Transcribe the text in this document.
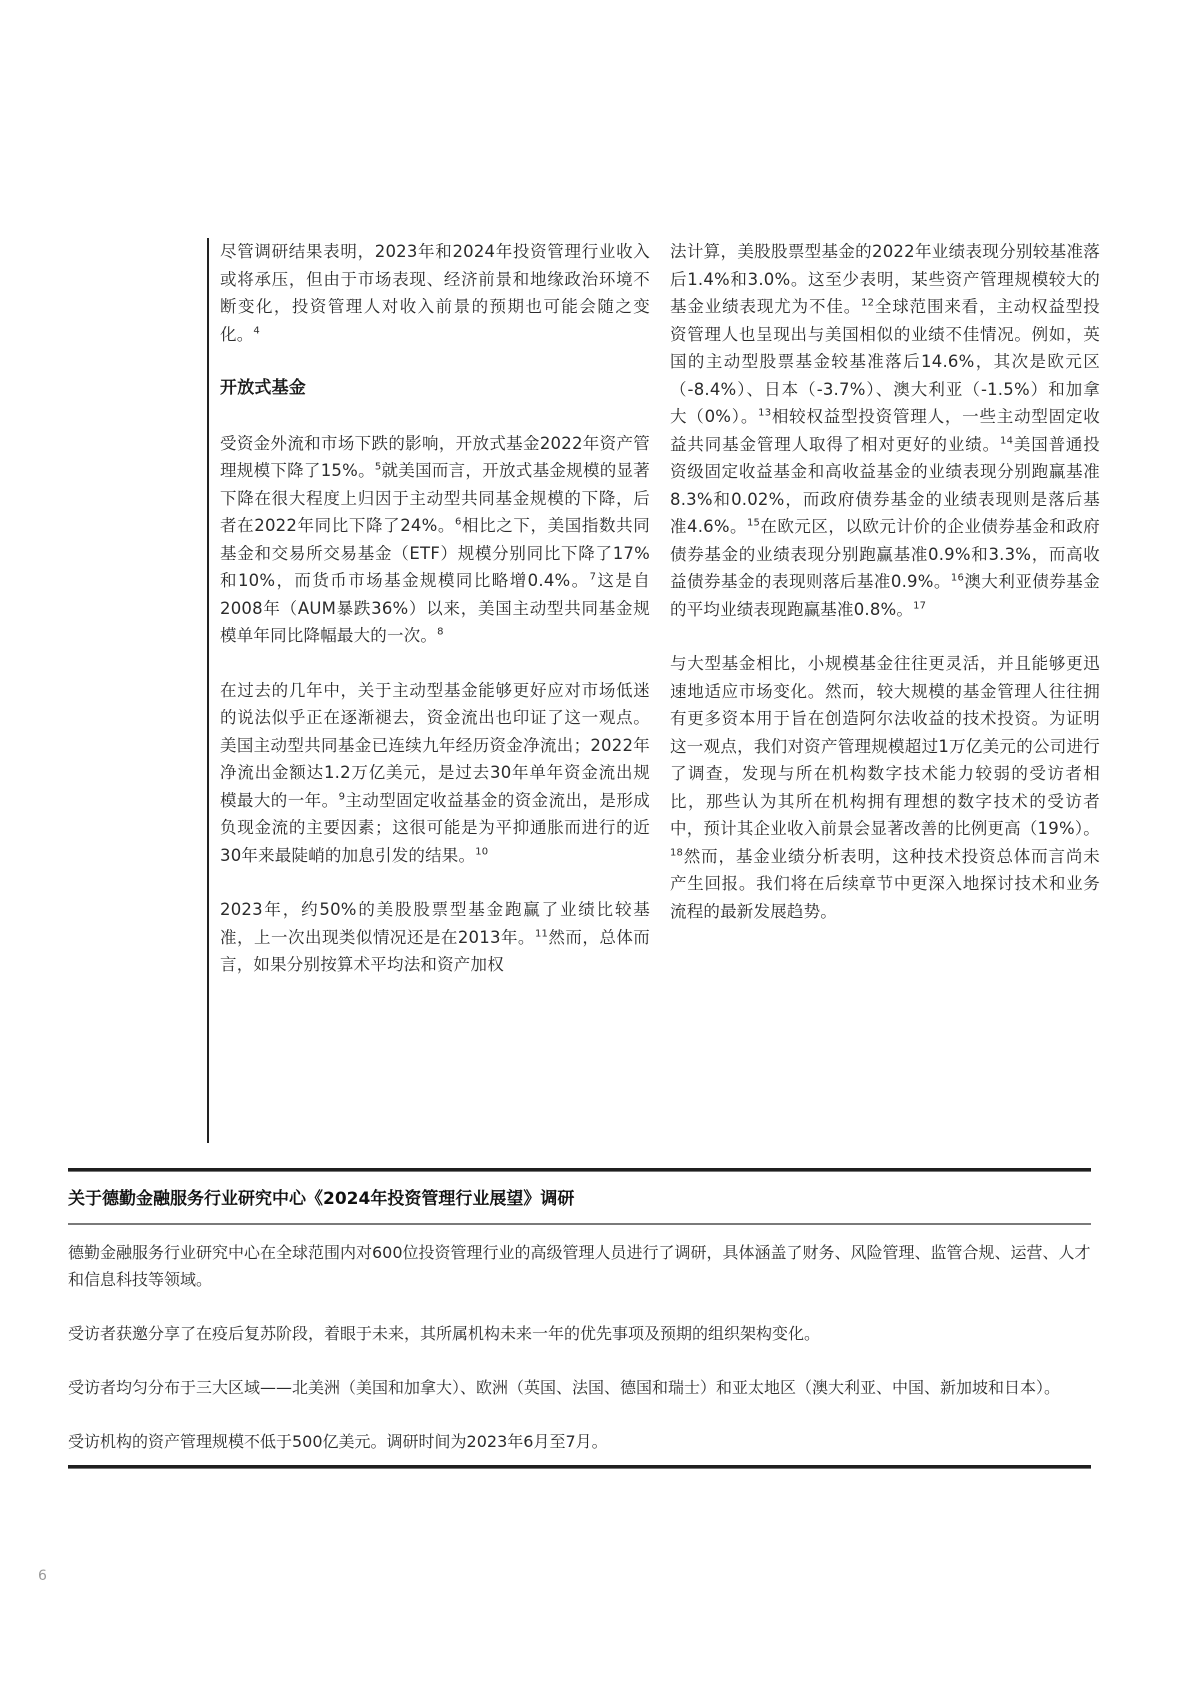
尽管调研结果表明，2023年和2024年投资管理行业收入或将承压，但由于市场表现、经济前景和地缘政治环境不断变化，投资管理人对收入前景的预期也可能会随之变化。$^4$

开放式基金

受资金外流和市场下跌的影响，开放式基金2022年资产管理规模下降了15%。$^5$就美国而言，开放式基金规模的显著下降在很大程度上归因于主动型共同基金规模的下降，后者在2022年同比下降了24%。$^6$相比之下，美国指数共同基金和交易所交易基金（ETF）规模分别同比下降了17%和10%，而货币市场基金规模同比略增0.4%。$^7$这是自2008年（AUM暴跌36%）以来，美国主动型共同基金规模单年同比降幅最大的一次。$^8$

在过去的几年中，关于主动型基金能够更好应对市场低迷的说法似乎正在逐渐褪去，资金流出也印证了这一观点。美国主动型共同基金已连续九年经历资金净流出；2022年净流出金额达1.2万亿美元，是过去30年单年资金流出规模最大的一年。$^9$主动型固定收益基金的资金流出，是形成负现金流的主要因素；这很可能是为平抑通胀而进行的近30年来最陡峭的加息引发的结果。$^{10}$

2023年，约50%的美股股票型基金跑赢了业绩比较基准，上一次出现类似情况还是在2013年。$^{11}$然而，总体而言，如果分别按算术平均法和资产加权

法计算，美股股票型基金的2022年业绩表现分别较基准落后1.4%和3.0%。这至少表明，某些资产管理规模较大的基金业绩表现尤为不佳。$^{12}$全球范围来看，主动权益型投资管理人也呈现出与美国相似的业绩不佳情况。例如，英国的主动型股票基金较基准落后14.6%，其次是欧元区（-8.4%）、日本（-3.7%）、澳大利亚（-1.5%）和加拿大（0%）。$^{13}$相较权益型投资管理人，一些主动型固定收益共同基金管理人取得了相对更好的业绩。$^{14}$美国普通投资级固定收益基金和高收益基金的业绩表现分别跑赢基准8.3%和0.02%，而政府债券基金的业绩表现则是落后基准4.6%。$^{15}$在欧元区，以欧元计价的企业债券基金和政府债券基金的业绩表现分别跑赢基准0.9%和3.3%，而高收益债券基金的表现则落后基准0.9%。$^{16}$澳大利亚债券基金的平均业绩表现跑赢基准0.8%。$^{17}$

与大型基金相比，小规模基金往往更灵活，并且能够更迅速地适应市场变化。然而，较大规模的基金管理人往往拥有更多资本用于旨在创造阿尔法收益的技术投资。为证明这一观点，我们对资产管理规模超过1万亿美元的公司进行了调查，发现与所在机构数字技术能力较弱的受访者相比，那些认为其所在机构拥有理想的数字技术的受访者中，预计其企业收入前景会显著改善的比例更高（19%）。$^{18}$然而，基金业绩分析表明，这种技术投资总体而言尚未产生回报。我们将在后续章节中更深入地探讨技术和业务流程的最新发展趋势。

关于德勤金融服务行业研究中心《2024年投资管理行业展望》调研

德勤金融服务行业研究中心在全球范围内对600位投资管理行业的高级管理人员进行了调研，具体涵盖了财务、风险管理、监管合规、运营、人才和信息科技等领域。

受访者获邀分享了在疫后复苏阶段，着眼于未来，其所属机构未来一年的优先事项及预期的组织架构变化。

受访者均匀分布于三大区域——北美洲（美国和加拿大）、欧洲（英国、法国、德国和瑞士）和亚太地区（澳大利亚、中国、新加坡和日本）。

受访机构的资产管理规模不低于500亿美元。调研时间为2023年6月至7月。

6
